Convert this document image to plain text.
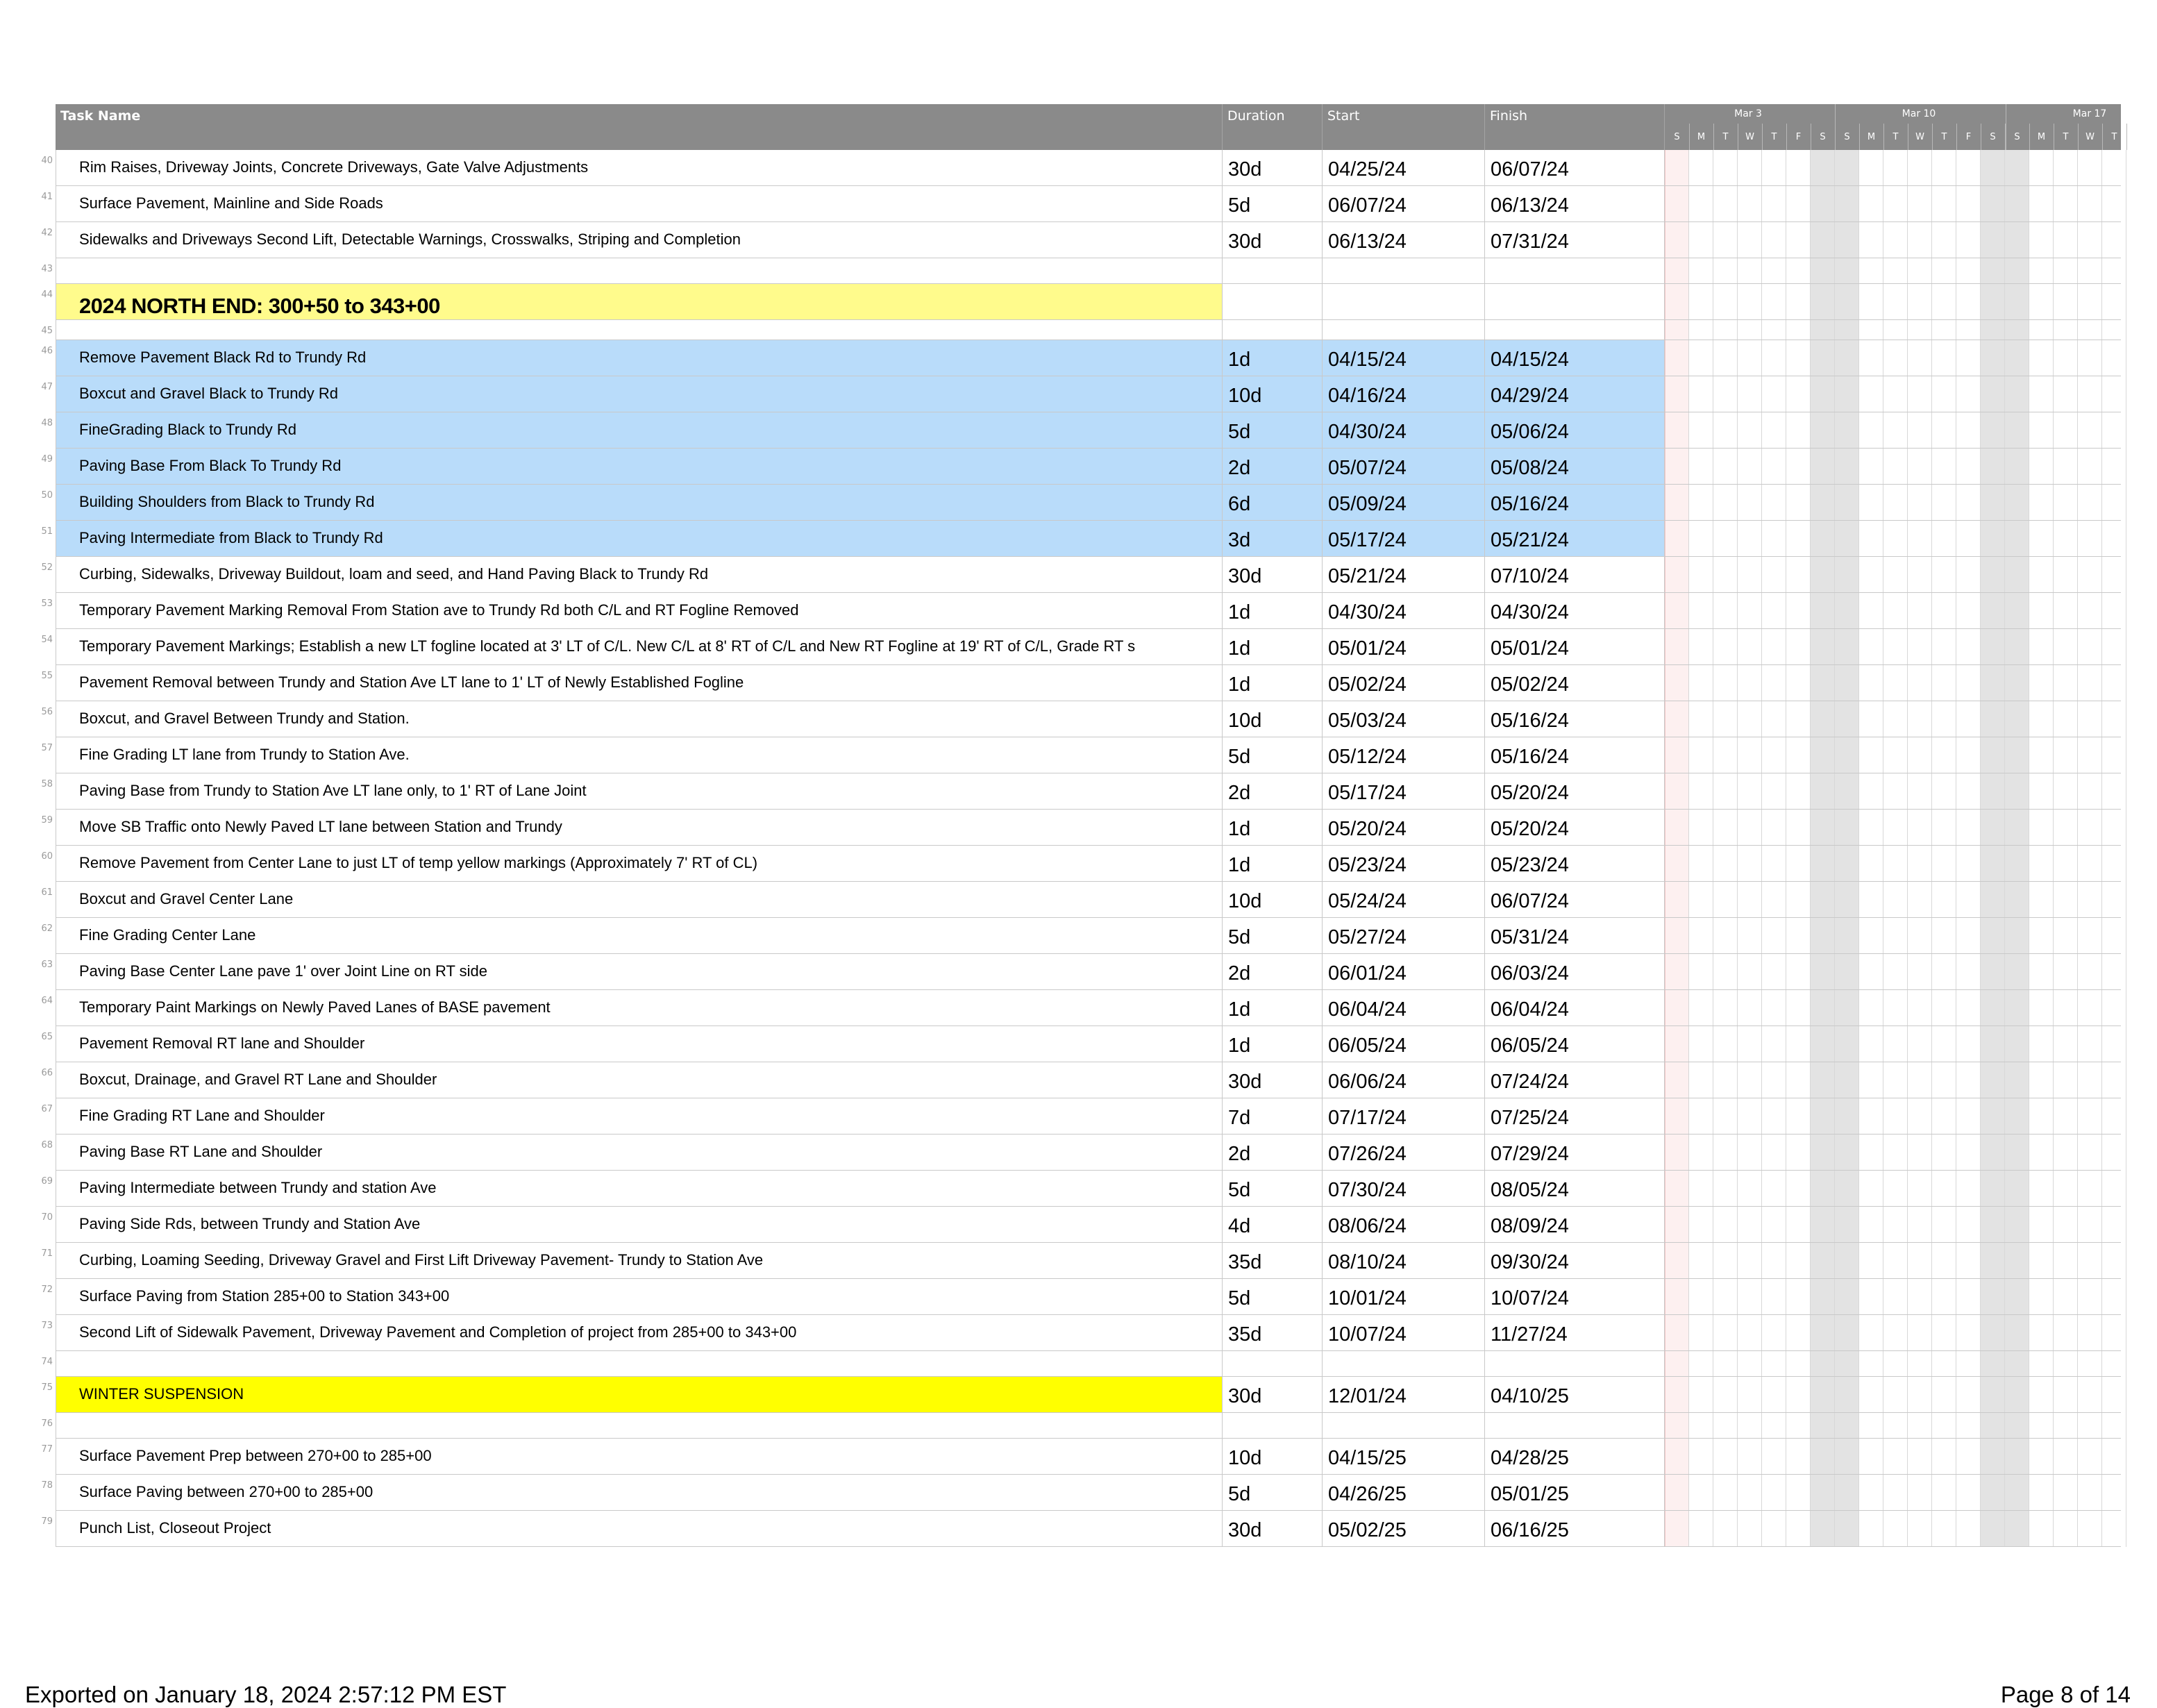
Task Name	Duration	Start	Finish	Mar 3	Mar 10	Mar 17
S	M	T	W	T	F	S	S	M	T	W	T	F	S	S	M	T	W	T
40 Rim Raises, Driveway Joints, Concrete Driveways, Gate Valve Adjustments	30d	04/25/24	06/07/24
41 Surface Pavement, Mainline and Side Roads	5d	06/07/24	06/13/24
42 Sidewalks and Driveways Second Lift, Detectable Warnings, Crosswalks, Striping and Completion	30d	06/13/24	07/31/24
43
44 2024 NORTH END: 300+50 to 343+00
45
46 Remove Pavement Black Rd to Trundy Rd	1d	04/15/24	04/15/24
47 Boxcut and Gravel Black to Trundy Rd	10d	04/16/24	04/29/24
48 FineGrading Black to Trundy Rd	5d	04/30/24	05/06/24
49 Paving Base From Black To Trundy Rd	2d	05/07/24	05/08/24
50 Building Shoulders from Black to Trundy Rd	6d	05/09/24	05/16/24
51 Paving Intermediate from Black to Trundy Rd	3d	05/17/24	05/21/24
52 Curbing, Sidewalks, Driveway Buildout, loam and seed, and Hand Paving Black to Trundy Rd	30d	05/21/24	07/10/24
53 Temporary Pavement Marking Removal From Station ave to Trundy Rd both C/L and RT Fogline Removed	1d	04/30/24	04/30/24
54 Temporary Pavement Markings; Establish a new LT fogline located at 3' LT of C/L. New C/L at 8' RT of C/L and New RT Fogline at 19' RT of C/L, Grade RT s	1d	05/01/24	05/01/24
55 Pavement Removal between Trundy and Station Ave LT lane to 1' LT of Newly Established Fogline	1d	05/02/24	05/02/24
56 Boxcut, and Gravel Between Trundy and Station.	10d	05/03/24	05/16/24
57 Fine Grading LT lane from Trundy to Station Ave.	5d	05/12/24	05/16/24
58 Paving Base from Trundy to Station Ave LT lane only, to 1' RT of Lane Joint	2d	05/17/24	05/20/24
59 Move SB Traffic onto Newly Paved LT lane between Station and Trundy	1d	05/20/24	05/20/24
60 Remove Pavement from Center Lane to just LT of temp yellow markings (Approximately 7' RT of CL)	1d	05/23/24	05/23/24
61 Boxcut and Gravel Center Lane	10d	05/24/24	06/07/24
62 Fine Grading Center Lane	5d	05/27/24	05/31/24
63 Paving Base Center Lane pave 1' over Joint Line on RT side	2d	06/01/24	06/03/24
64 Temporary Paint Markings on Newly Paved Lanes of BASE pavement	1d	06/04/24	06/04/24
65 Pavement Removal RT lane and Shoulder	1d	06/05/24	06/05/24
66 Boxcut, Drainage, and Gravel RT Lane and Shoulder	30d	06/06/24	07/24/24
67 Fine Grading RT Lane and Shoulder	7d	07/17/24	07/25/24
68 Paving Base RT Lane and Shoulder	2d	07/26/24	07/29/24
69 Paving Intermediate between Trundy and station Ave	5d	07/30/24	08/05/24
70 Paving Side Rds, between Trundy and Station Ave	4d	08/06/24	08/09/24
71 Curbing, Loaming Seeding, Driveway Gravel and First Lift Driveway Pavement- Trundy to Station Ave	35d	08/10/24	09/30/24
72 Surface Paving from Station 285+00 to Station 343+00	5d	10/01/24	10/07/24
73 Second Lift of Sidewalk Pavement, Driveway Pavement and Completion of project from 285+00 to 343+00	35d	10/07/24	11/27/24
74
75 WINTER SUSPENSION	30d	12/01/24	04/10/25
76
77 Surface Pavement Prep between 270+00 to 285+00	10d	04/15/25	04/28/25
78 Surface Paving between 270+00 to 285+00	5d	04/26/25	05/01/25
79 Punch List, Closeout Project	30d	05/02/25	06/16/25
Exported on January 18, 2024 2:57:12 PM EST	Page 8 of 14
